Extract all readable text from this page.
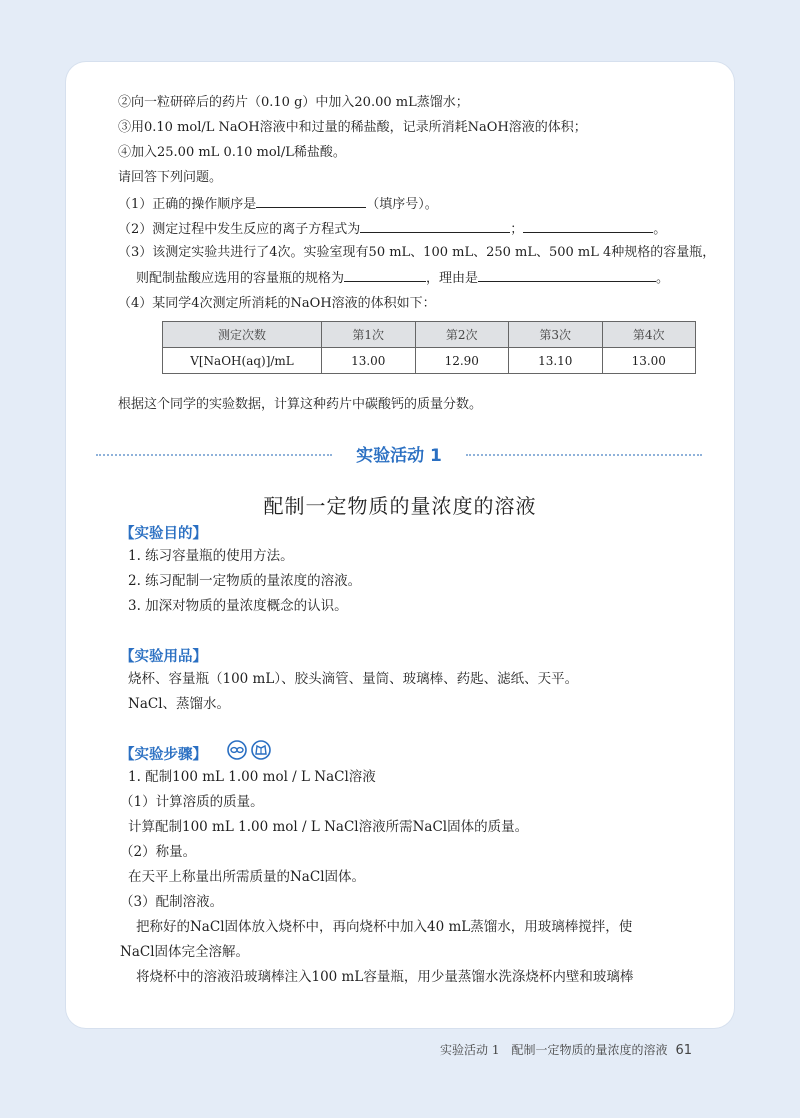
②向一粒研碎后的药片（0.10 g）中加入20.00 mL蒸馏水；
③用0.10 mol/L NaOH溶液中和过量的稀盐酸，记录所消耗NaOH溶液的体积；
④加入25.00 mL 0.10 mol/L稀盐酸。
请回答下列问题。
（1）正确的操作顺序是	（填序号）。
（2）测定过程中发生反应的离子方程式为	；	。
（3）该测定实验共进行了4次。实验室现有50 mL、100 mL、250 mL、500 mL 4种规格的容量瓶，
则配制盐酸应选用的容量瓶的规格为	，理由是	。
（4）某同学4次测定所消耗的NaOH溶液的体积如下：
测定次数	第1次	第2次	第3次	第4次
V[NaOH(aq)]/mL	13.00	12.90	13.10	13.00
根据这个同学的实验数据，计算这种药片中碳酸钙的质量分数。
实验活动 1
配制一定物质的量浓度的溶液
【实验目的】
1. 练习容量瓶的使用方法。
2. 练习配制一定物质的量浓度的溶液。
3. 加深对物质的量浓度概念的认识。
【实验用品】
烧杯、容量瓶（100 mL）、胶头滴管、量筒、玻璃棒、药匙、滤纸、天平。
NaCl、蒸馏水。
【实验步骤】
1. 配制100 mL 1.00 mol / L NaCl溶液
（1）计算溶质的质量。
计算配制100 mL 1.00 mol / L NaCl溶液所需NaCl固体的质量。
（2）称量。
在天平上称量出所需质量的NaCl固体。
（3）配制溶液。
把称好的NaCl固体放入烧杯中，再向烧杯中加入40 mL蒸馏水，用玻璃棒搅拌，使
NaCl固体完全溶解。
将烧杯中的溶液沿玻璃棒注入100 mL容量瓶，用少量蒸馏水洗涤烧杯内壁和玻璃棒
实验活动 1　配制一定物质的量浓度的溶液 61
